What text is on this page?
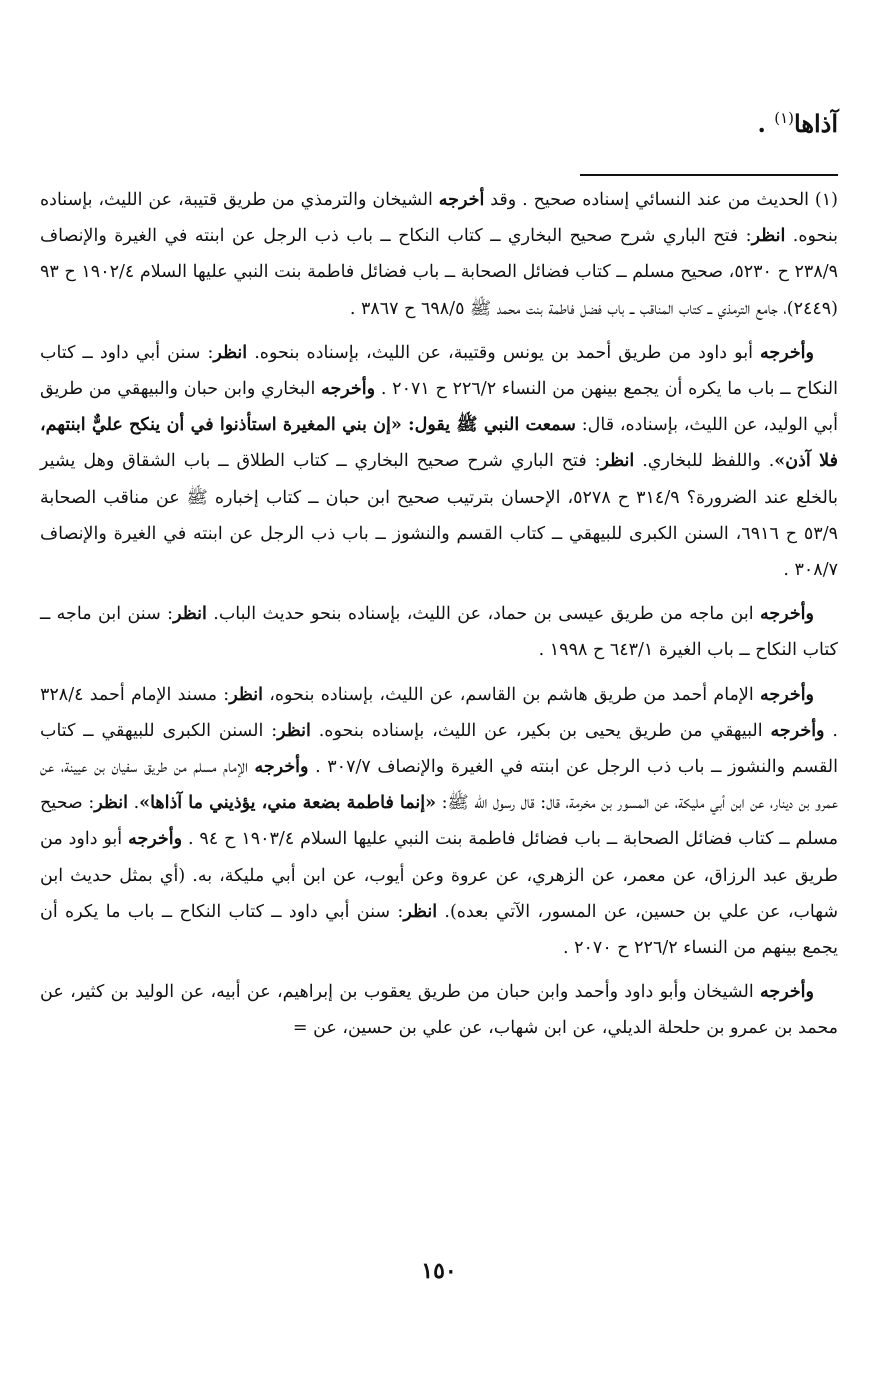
آذاها$^{(١)}$ .

(١) الحديث من عند النسائي إسناده صحيح . وقد أخرجه الشيخان والترمذي من طريق قتيبة، عن الليث، بإسناده بنحوه. انظر: فتح الباري شرح صحيح البخاري ــ كتاب النكاح ــ باب ذب الرجل عن ابنته في الغيرة والإنصاف ٢٣٨/٩ ح ٥٢٣٠، صحيح مسلم ــ كتاب فضائل الصحابة ــ باب فضائل فاطمة بنت النبي عليها السلام ١٩٠٢/٤ ح ٩٣ (٢٤٤٩)، جامع الترمذي ــ كتاب المناقب ــ باب فضل فاطمة بنت محمد ﷺ ٦٩٨/٥ ح ٣٨٦٧ .

وأخرجه أبو داود من طريق أحمد بن يونس وقتيبة، عن الليث، بإسناده بنحوه. انظر: سنن أبي داود ــ كتاب النكاح ــ باب ما يكره أن يجمع بينهن من النساء ٢٢٦/٢ ح ٢٠٧١ . وأخرجه البخاري وابن حبان والبيهقي من طريق أبي الوليد، عن الليث، بإسناده، قال: سمعت النبي ﷺ يقول: «إن بني المغيرة استأذنوا في أن ينكح عليٌّ ابنتهم، فلا آذن». واللفظ للبخاري. انظر: فتح الباري شرح صحيح البخاري ــ كتاب الطلاق ــ باب الشقاق وهل يشير بالخلع عند الضرورة؟ ٣١٤/٩ ح ٥٢٧٨، الإحسان بترتيب صحيح ابن حبان ــ كتاب إخباره ﷺ عن مناقب الصحابة ٥٣/٩ ح ٦٩١٦، السنن الكبرى للبيهقي ــ كتاب القسم والنشوز ــ باب ذب الرجل عن ابنته في الغيرة والإنصاف ٣٠٨/٧ .

وأخرجه ابن ماجه من طريق عيسى بن حماد، عن الليث، بإسناده بنحو حديث الباب. انظر: سنن ابن ماجه ــ كتاب النكاح ــ باب الغيرة ٦٤٣/١ ح ١٩٩٨ .

وأخرجه الإمام أحمد من طريق هاشم بن القاسم، عن الليث، بإسناده بنحوه، انظر: مسند الإمام أحمد ٣٢٨/٤ . وأخرجه البيهقي من طريق يحيى بن بكير، عن الليث، بإسناده بنحوه. انظر: السنن الكبرى للبيهقي ــ كتاب القسم والنشوز ــ باب ذب الرجل عن ابنته في الغيرة والإنصاف ٣٠٧/٧ . وأخرجه الإمام مسلم من طريق سفيان بن عيينة، عن عمرو بن دينار، عن ابن أبي مليكة، عن المسور بن مخرمة، قال: قال رسول الله ﷺ: «إنما فاطمة بضعة مني، يؤذيني ما آذاها». انظر: صحيح مسلم ــ كتاب فضائل الصحابة ــ باب فضائل فاطمة بنت النبي عليها السلام ١٩٠٣/٤ ح ٩٤ . وأخرجه أبو داود من طريق عبد الرزاق، عن معمر، عن الزهري، عن عروة وعن أيوب، عن ابن أبي مليكة، به. (أي بمثل حديث ابن شهاب، عن علي بن حسين، عن المسور، الآتي بعده). انظر: سنن أبي داود ــ كتاب النكاح ــ باب ما يكره أن يجمع بينهم من النساء ٢٢٦/٢ ح ٢٠٧٠ .

وأخرجه الشيخان وأبو داود وأحمد وابن حبان من طريق يعقوب بن إبراهيم، عن أبيه، عن الوليد بن كثير، عن محمد بن عمرو بن حلحلة الديلي، عن ابن شهاب، عن علي بن حسين، عن =

١٥٠
